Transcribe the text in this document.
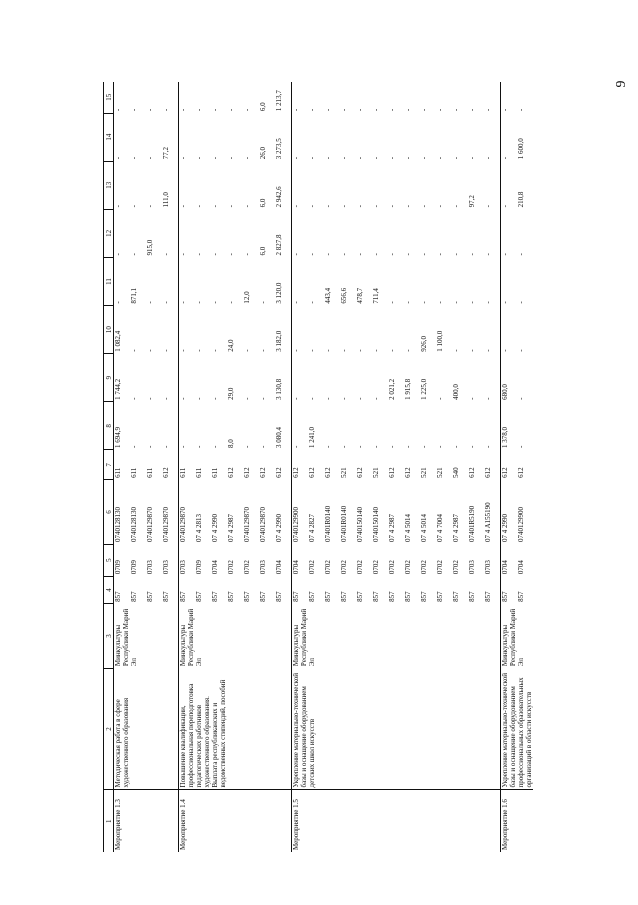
9
1	2	3	4	5	6	7	8	9	10	11	12	13	14	15
Мероприятие 1.3	Методическая работа в сфере художественного образования	Минкультуры Республики Марий Эл	857	0709	0740128130	611	1 694,9	1 744,2	1 082,4	-	-	-	-	-
			857	0709	0740128130	611	-	-	-	871,1	-	-	-	-
			857	0703	0740129870	611	-	-	-	-	915,0	-	-	-
			857	0703	0740129870	612	-	-	-	-	-	111,0	77,2	-
Мероприятие 1.4	Повышение квалификации, профессиональная переподготовка педагогических работников художественного образования. Выплата республиканских и ведомственных стипендий, пособий	Минкультуры Республики Марий Эл	857	0703	0740129870	611	-	-	-	-	-	-	-	-
			857	0709	07 4 2813	611	-	-	-	-	-	-	-	-
			857	0704	07 4 2990	611	-	-	-	-	-	-	-	-
			857	0702	07 4 2987	612	8,0	29,0	24,0	-	-	-	-	-
			857	0702	0740129870	612	-	-	-	12,0	-	-	-	-
			857	0703	0740129870	612	-	-	-	-	6,0	6,0	26,0	6,0
			857	0704	07 4 2990	612	3 080,4	3 130,8	3 182,0	3 120,0	2 827,8	2 942,6	3 273,5	1 213,7
Мероприятие 1.5	Укрепление материально-технической базы и оснащение оборудованием детских школ искусств	Минкультуры Республики Марий Эл	857	0704	0740129900	612	-	-	-	-	-	-	-	-
			857	0702	07 4 2827	612	1 241,0	-	-	-	-	-	-	-
			857	0702	07401R0140	612	-	-	-	443,4	-	-	-	-
			857	0702	07401R0140	521	-	-	-	656,6	-	-	-	-
			857	0702	0740150140	612	-	-	-	478,7	-	-	-	-
			857	0702	0740150140	521	-	-	-	711,4	-	-	-	-
			857	0702	07 4 2987	612	-	2 021,2	-	-	-	-	-	-
			857	0702	07 4 5014	612	-	1 915,8	-	-	-	-	-	-
			857	0702	07 4 5014	521	-	1 225,0	926,0	-	-	-	-	-
			857	0702	07 4 7004	521	-	-	1 100,0	-	-	-	-	-
			857	0702	07 4 2987	540	-	400,0	-	-	-	-	-	-
			857	0703	07401R5190	612	-	-	-	-	-	97,2	-	-
			857	0703	07 4 A155190	612	-	-	-	-	-	-	-	-
Мероприятие 1.6	Укрепление материально-технической базы и оснащение оборудованием профессиональных образовательных организаций в области искусств	Минкультуры Республики Марий Эл	857	0704	07 4 2990	612	1 378,0	680,0	-	-	-	-	-	-
			857	0704	0740129900	612	-	-	-	-	-	210,8	1 600,0	-
